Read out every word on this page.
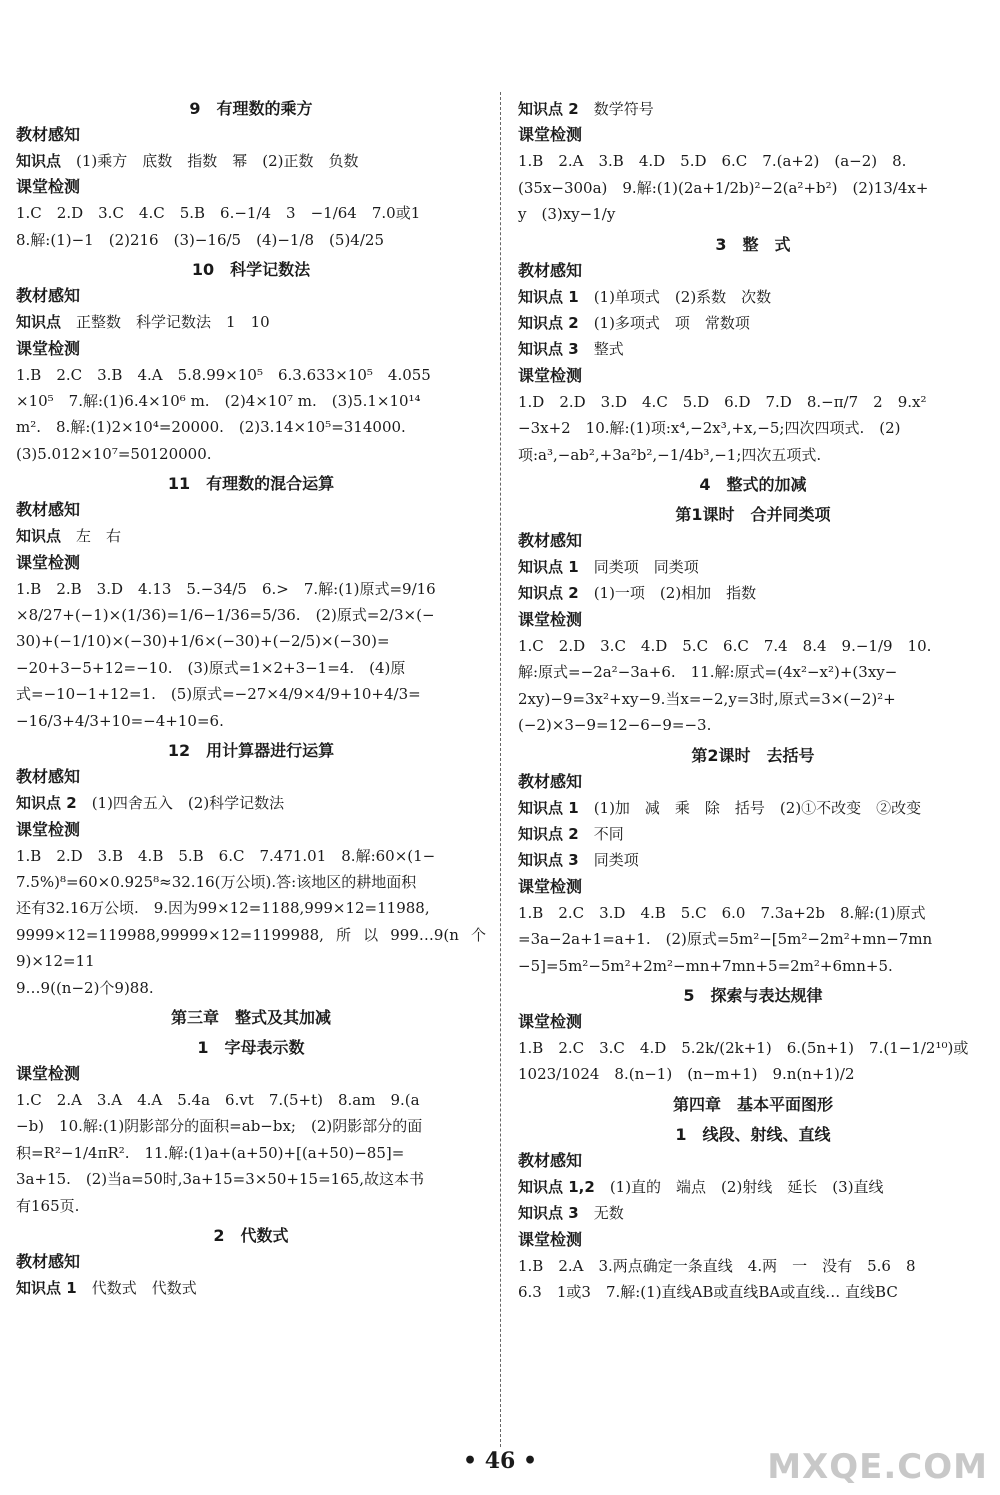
9　有理数的乘方
教材感知
知识点　 (1)乘方　底数　指数　幂　(2)正数　负数
课堂检测
1.C　2.D　3.C　4.C　5.B　6.−1/4　3　−1/64　7.0或1
8.解:(1)−1　(2)216　(3)−16/5　(4)−1/8　(5)4/25
10　科学记数法
教材感知
知识点　 正整数　科学记数法　1　10
课堂检测
1.B　2.C　3.B　4.A　5.8.99×10⁵　6.3.633×10⁵　4.055
×10⁵　7.解:(1)6.4×10⁶ m.　(2)4×10⁷ m.　(3)5.1×10¹⁴
m².　8.解:(1)2×10⁴=20000.　(2)3.14×10⁵=314000.
(3)5.012×10⁷=50120000.
11　有理数的混合运算
教材感知
知识点　 左　右
课堂检测
1.B　2.B　3.D　4.13　5.−34/5　6.>　7.解:(1)原式=9/16
×8/27+(−1)×(1/36)=1/6−1/36=5/36.　(2)原式=2/3×(−
30)+(−1/10)×(−30)+1/6×(−30)+(−2/5)×(−30)=
−20+3−5+12=−10.　(3)原式=1×2+3−1=4.　(4)原
式=−10−1+12=1.　(5)原式=−27×4/9×4/9+10+4/3=
−16/3+4/3+10=−4+10=6.
12　用计算器进行运算
教材感知
知识点 2　 (1)四舍五入　(2)科学记数法
课堂检测
1.B　2.D　3.B　4.B　5.B　6.C　7.471.01　8.解:60×(1−
7.5%)⁸=60×0.925⁸≈32.16(万公顷).答:该地区的耕地面积
还有32.16万公顷.　9.因为99×12=1188,999×12=11988,
9999×12=119988,99999×12=1199988,所以999…9(n个9)×12=11
9…9((n−2)个9)88.
第三章　整式及其加减
1　字母表示数
课堂检测
1.C　2.A　3.A　4.A　5.4a　6.vt　7.(5+t)　8.am　9.(a
−b)　10.解:(1)阴影部分的面积=ab−bx;　(2)阴影部分的面
积=R²−1/4πR².　11.解:(1)a+(a+50)+[(a+50)−85]=
3a+15.　(2)当a=50时,3a+15=3×50+15=165,故这本书
有165页.
2　代数式
教材感知
知识点 1　 代数式　代数式
知识点 2　 数学符号
课堂检测
1.B　2.A　3.B　4.D　5.D　6.C　7.(a+2)　(a−2)　8.
(35x−300a)　9.解:(1)(2a+1/2b)²−2(a²+b²)　(2)13/4x+
y　(3)xy−1/y
3　整　式
教材感知
知识点 1　 (1)单项式　(2)系数　次数
知识点 2　 (1)多项式　项　常数项
知识点 3　 整式
课堂检测
1.D　2.D　3.D　4.C　5.D　6.D　7.D　8.−π/7　2　9.x²
−3x+2　10.解:(1)项:x⁴,−2x³,+x,−5;四次四项式.　(2)
项:a³,−ab²,+3a²b²,−1/4b³,−1;四次五项式.
4　整式的加减
第1课时　合并同类项
教材感知
知识点 1　 同类项　同类项
知识点 2　 (1)一项　(2)相加　指数
课堂检测
1.C　2.D　3.C　4.D　5.C　6.C　7.4　8.4　9.−1/9　10.
解:原式=−2a²−3a+6.　11.解:原式=(4x²−x²)+(3xy−
2xy)−9=3x²+xy−9.当x=−2,y=3时,原式=3×(−2)²+
(−2)×3−9=12−6−9=−3.
第2课时　去括号
教材感知
知识点 1　 (1)加　减　乘　除　括号　(2)①不改变　②改变
知识点 2　 不同
知识点 3　 同类项
课堂检测
1.B　2.C　3.D　4.B　5.C　6.0　7.3a+2b　8.解:(1)原式
=3a−2a+1=a+1.　(2)原式=5m²−[5m²−2m²+mn−7mn
−5]=5m²−5m²+2m²−mn+7mn+5=2m²+6mn+5.
5　探索与表达规律
课堂检测
1.B　2.C　3.C　4.D　5.2k/(2k+1)　6.(5n+1)　7.(1−1/2¹⁰)或
1023/1024　8.(n−1)　(n−m+1)　9.n(n+1)/2
第四章　基本平面图形
1　线段、射线、直线
教材感知
知识点 1,2　 (1)直的　端点　(2)射线　延长　(3)直线
知识点 3　 无数
课堂检测
1.B　2.A　3.两点确定一条直线　4.两　一　没有　5.6　8
6.3　1或3　7.解:(1)直线AB或直线BA或直线… 直线BC
• 46 •	MXQE.COM
